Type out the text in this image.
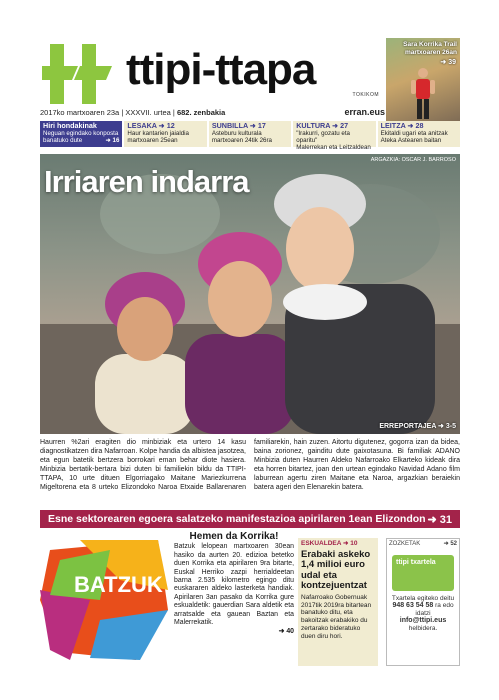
ttipi-ttapa
TOKIKOM
Sara Korrika Trail martxoaren 26an
➜ 39
2017ko martxoaren 23a | XXXVII. urtea | 682. zenbakia	erran.eus
Hiri hondakinak
Neguan egindako konposta
banatuko dute	➜ 16
LESAKA ➜ 12
Haur kantarien jaialdia
martxoaren 25ean
SUNBILLA ➜ 17
Asteburu kulturala
martxoaren 24tik 26ra
KULTURA ➜ 27
"Irakurri, gozatu eta oparitu"
Malerrekan eta Leitzaldean
LEITZA ➜ 28
Ekitaldi ugari eta anitzak
Ateka Astearen baitan
Irriaren indarra
ARGAZKIA: OSCAR J. BARROSO
ERREPORTAJEA ➜ 3-5
Haurren %2ari eragiten dio minbiziak eta urtero 14 kasu diagnostikatzen dira Nafarroan. Kolpe handia da albistea jasotzea, eta egun batetik bertzera borrokari eman behar diote hasiera. Minbizia bertatik-bertara bizi duten bi familiekin bildu da TTIPI-TTAPA, 10 urte dituen Elgorriagako Maitane Mariezkurrena Migeltorena eta 8 urteko Elizondoko Naroa Etxaide Ballarenaren familiarekin, hain zuzen. Aitortu digutenez, gogorra izan da bidea, baina zorionez, gainditu dute gaixotasuna. Bi familiak ADANO Minbizia duten Haurren Aldeko Nafarroako Elkarteko kideak dira eta horren bitartez, joan den urtean egindako Navidad Adano film laburrean agertu ziren Maitane eta Naroa, argazkian beraiekin batera ageri den Elenarekin batera.
Esne sektorearen egoera salatzeko manifestazioa apirilaren 1ean Elizondon ➜ 31
BATZUK
Hemen da Korrika!

Batzuk lelopean martxoaren 30ean hasiko da aurten 20. edizioa betetko duen Korrika eta apirilaren 9ra bitarte, Euskal Herriko zazpi herrialdeetan barna 2.535 kilometro egingo ditu euskararen aldeko lasterketa handiak. Apirilaren 3an pasako da Korrika gure eskualdetik: gauerdian Sara aldetik eta arratsalde eta gauean Baztan eta Malerrekatik.

➜ 40
ESKUALDEA ➜ 10
Erabaki askeko 1,4 milioi euro udal eta kontzejuentzat
Nafarroako Gobernuak 2017tik 2019ra bitartean banatuko ditu, eta bakoitzak erabakiko du zertarako bideratuko duen diru hori.
ZOZKETAK	➜ 52
ttipi txartela
Txartela egiteko deitu
948 63 54 58 ra edo idatzi
info@ttipi.eus
helbidera.
